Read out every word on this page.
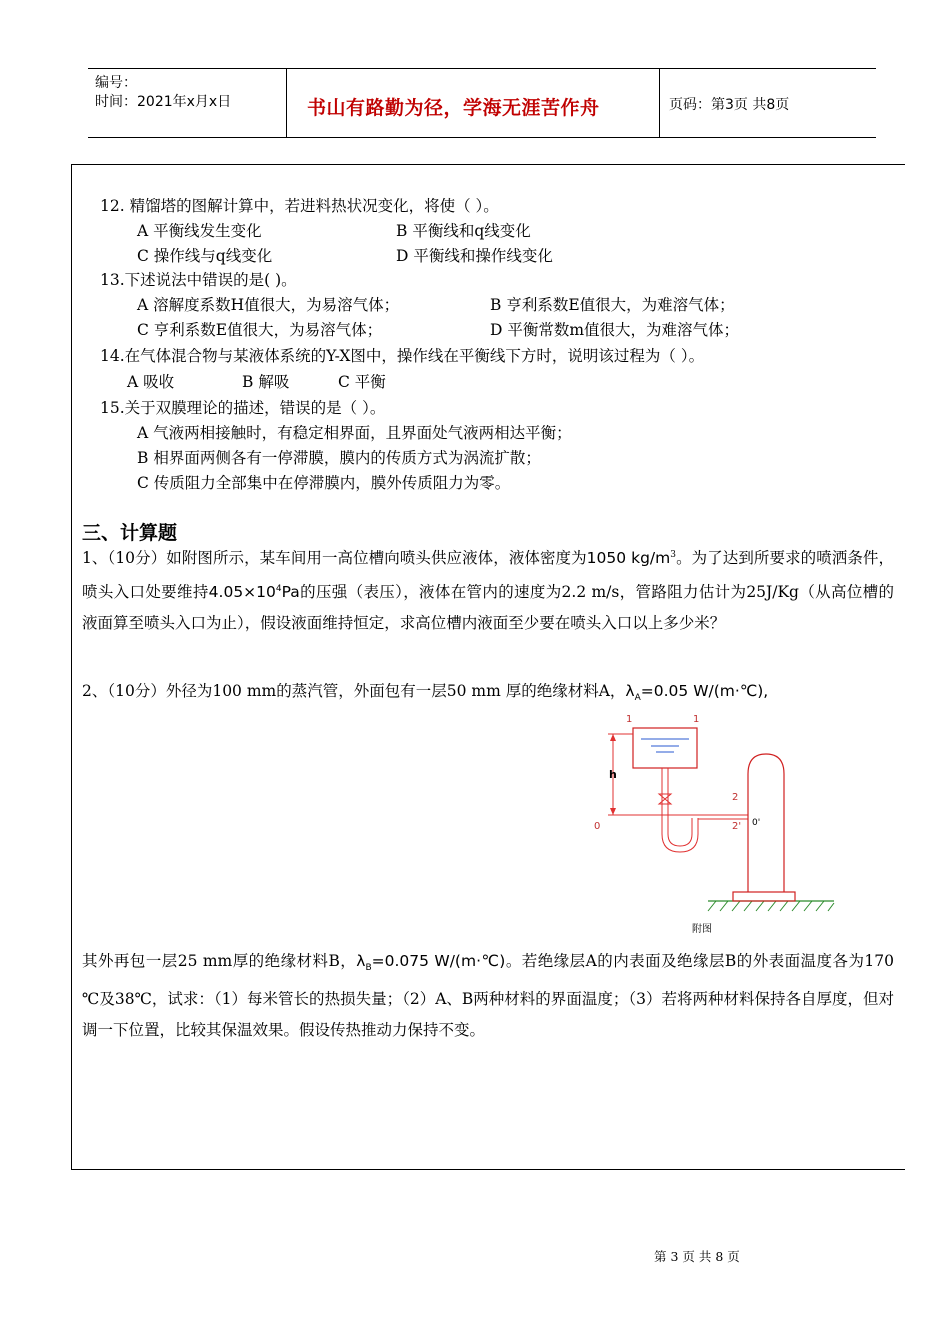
编号：
时间：2021年x月x日	书山有路勤为径，学海无涯苦作舟	页码：第3页 共8页
12. 精馏塔的图解计算中，若进料热状况变化，将使（ ）。
A 平衡线发生变化	B 平衡线和q线变化
C 操作线与q线变化	D 平衡线和操作线变化
13.下述说法中错误的是( )。
A 溶解度系数H值很大，为易溶气体；	B 亨利系数E值很大，为难溶气体；
C 亨利系数E值很大，为易溶气体；	D 平衡常数m值很大，为难溶气体；
14.在气体混合物与某液体系统的Y-X图中，操作线在平衡线下方时，说明该过程为（ ）。
A 吸收	B 解吸	C 平衡
15.关于双膜理论的描述，错误的是（ ）。
A 气液两相接触时，有稳定相界面，且界面处气液两相达平衡；
B 相界面两侧各有一停滞膜，膜内的传质方式为涡流扩散；
C 传质阻力全部集中在停滞膜内，膜外传质阻力为零。
三、计算题
1、（10分）如附图所示，某车间用一高位槽向喷头供应液体，液体密度为1050 $kg/m^3$。为了达到所要求的喷洒条件，喷头入口处要维持$4.05\times 10^4Pa$的压强（表压），液体在管内的速度为2.2 m/s，管路阻力估计为25J/Kg（从高位槽的液面算至喷头入口为止），假设液面维持恒定，求高位槽内液面至少要在喷头入口以上多少米？
2、（10分）外径为100 mm的蒸汽管，外面包有一层50 mm 厚的绝缘材料A，$\lambda_A=0.05$ W/(m·℃),
1	1
h
0
2
2' 0'
附图
其外再包一层25 mm厚的绝缘材料B，$\lambda_B=0.075$ W/(m·℃)。若绝缘层A的内表面及绝缘层B的外表面温度各为170 ℃及38℃，试求：（1）每米管长的热损失量；（2）A、B两种材料的界面温度；（3）若将两种材料保持各自厚度，但对调一下位置，比较其保温效果。假设传热推动力保持不变。
第 3 页 共 8 页
